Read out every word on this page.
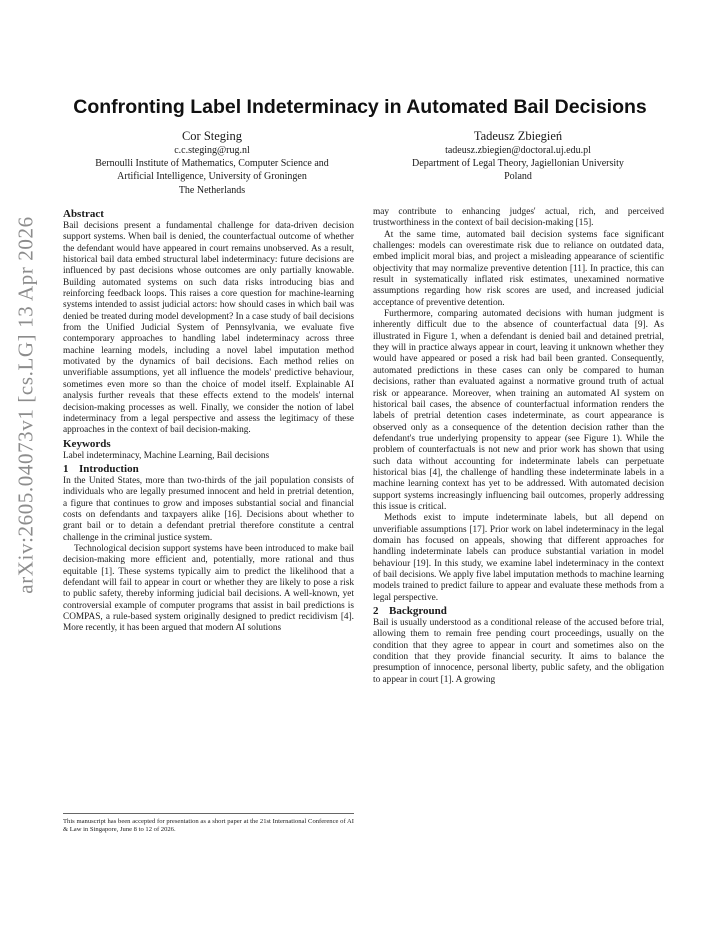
arXiv:2605.04073v1 [cs.LG] 13 Apr 2026
Confronting Label Indeterminacy in Automated Bail Decisions
Cor Steging
c.c.steging@rug.nl
Bernoulli Institute of Mathematics, Computer Science and
Artificial Intelligence, University of Groningen
The Netherlands
Tadeusz Zbiegień
tadeusz.zbiegien@doctoral.uj.edu.pl
Department of Legal Theory, Jagiellonian University
Poland
Abstract

Bail decisions present a fundamental challenge for data-driven decision support systems. When bail is denied, the counterfactual outcome of whether the defendant would have appeared in court remains unobserved. As a result, historical bail data embed structural label indeterminacy: future decisions are influenced by past decisions whose outcomes are only partially knowable. Building automated systems on such data risks introducing bias and reinforcing feedback loops. This raises a core question for machine-learning systems intended to assist judicial actors: how should cases in which bail was denied be treated during model development? In a case study of bail decisions from the Unified Judicial System of Pennsylvania, we evaluate five contemporary approaches to handling label indeterminacy across three machine learning models, including a novel label imputation method motivated by the dynamics of bail decisions. Each method relies on unverifiable assumptions, yet all influence the models' predictive behaviour, sometimes even more so than the choice of model itself. Explainable AI analysis further reveals that these effects extend to the models' internal decision-making processes as well. Finally, we consider the notion of label indeterminacy from a legal perspective and assess the legitimacy of these approaches in the context of bail decision-making.

Keywords

Label indeterminacy, Machine Learning, Bail decisions

1 Introduction

In the United States, more than two-thirds of the jail population consists of individuals who are legally presumed innocent and held in pretrial detention, a figure that continues to grow and imposes substantial social and financial costs on defendants and taxpayers alike [16]. Decisions about whether to grant bail or to detain a defendant pretrial therefore constitute a central challenge in the criminal justice system.

Technological decision support systems have been introduced to make bail decision-making more efficient and, potentially, more rational and thus equitable [1]. These systems typically aim to predict the likelihood that a defendant will fail to appear in court or whether they are likely to pose a risk to public safety, thereby informing judicial bail decisions. A well-known, yet controversial example of computer programs that assist in bail predictions is COMPAS, a rule-based system originally designed to predict recidivism [4]. More recently, it has been argued that modern AI solutions

This manuscript has been accepted for presentation as a short paper at the 21st International Conference of AI & Law in Singapore, June 8 to 12 of 2026.

may contribute to enhancing judges' actual, rich, and perceived trustworthiness in the context of bail decision-making [15].

At the same time, automated bail decision systems face significant challenges: models can overestimate risk due to reliance on outdated data, embed implicit moral bias, and project a misleading appearance of scientific objectivity that may normalize preventive detention [11]. In practice, this can result in systematically inflated risk estimates, unexamined normative assumptions regarding how risk scores are used, and increased judicial acceptance of preventive detention.

Furthermore, comparing automated decisions with human judgment is inherently difficult due to the absence of counterfactual data [9]. As illustrated in Figure 1, when a defendant is denied bail and detained pretrial, they will in practice always appear in court, leaving it unknown whether they would have appeared or posed a risk had bail been granted. Consequently, automated predictions in these cases can only be compared to human decisions, rather than evaluated against a normative ground truth of actual risk or appearance. Moreover, when training an automated AI system on historical bail cases, the absence of counterfactual information renders the labels of pretrial detention cases indeterminate, as court appearance is observed only as a consequence of the detention decision rather than the defendant's true underlying propensity to appear (see Figure 1). While the problem of counterfactuals is not new and prior work has shown that using such data without accounting for indeterminate labels can perpetuate historical bias [4], the challenge of handling these indeterminate labels in a machine learning context has yet to be addressed. With automated decision support systems increasingly influencing bail outcomes, properly addressing this issue is critical.

Methods exist to impute indeterminate labels, but all depend on unverifiable assumptions [17]. Prior work on label indeterminacy in the legal domain has focused on appeals, showing that different approaches for handling indeterminate labels can produce substantial variation in model behaviour [19]. In this study, we examine label indeterminacy in the context of bail decisions. We apply five label imputation methods to machine learning models trained to predict failure to appear and evaluate these methods from a legal perspective.

2 Background

Bail is usually understood as a conditional release of the accused before trial, allowing them to remain free pending court proceedings, usually on the condition that they agree to appear in court and sometimes also on the condition that they provide financial security. It aims to balance the presumption of innocence, personal liberty, public safety, and the obligation to appear in court [1]. A growing
